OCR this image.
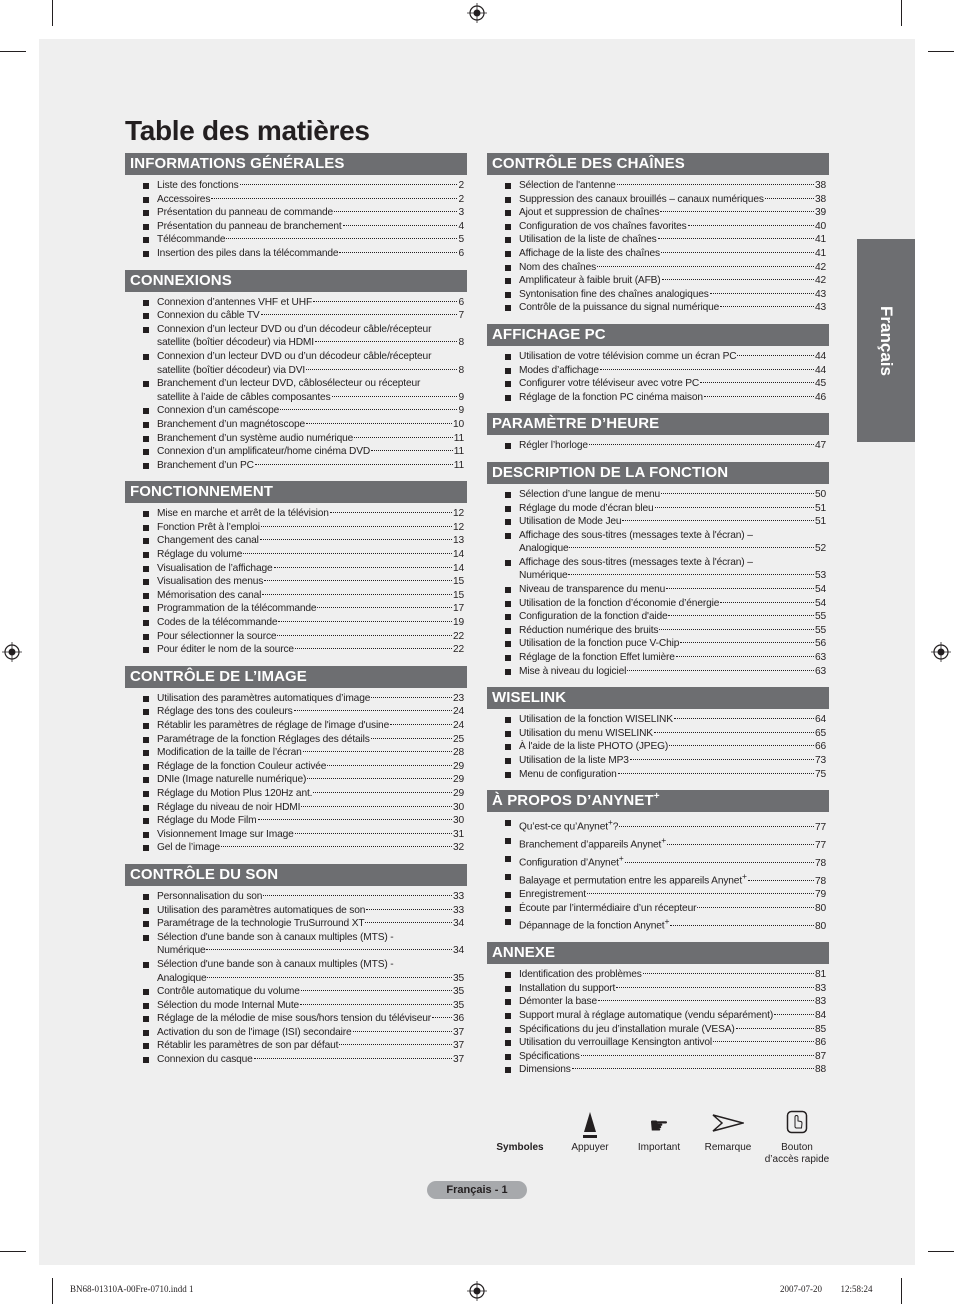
Table des matières
INFORMATIONS GÉNÉRALES
Liste des fonctions	2
Accessoires	2
Présentation du panneau de commande	3
Présentation du panneau de branchement	4
Télécommande	5
Insertion des piles dans la télécommande	6
CONNEXIONS
Connexion d’antennes VHF et UHF	6
Connexion du câble TV	7
Connexion d’un lecteur DVD ou d’un décodeur câble/récepteur
satellite (boîtier décodeur) via HDMI	8
Connexion d’un lecteur DVD ou d’un décodeur câble/récepteur
satellite (boîtier décodeur) via DVI	8
Branchement d’un lecteur DVD, câblosélecteur ou récepteur
satellite à l’aide de câbles composantes	9
Connexion d’un caméscope	9
Branchement d’un magnétoscope	10
Branchement d’un système audio numérique	11
Connexion d’un amplificateur/home cinéma DVD	11
Branchement d’un PC	11
FONCTIONNEMENT
Mise en marche et arrêt de la télévision	12
Fonction Prêt à l’emploi	12
Changement des canal	13
Réglage du volume	14
Visualisation de l’affichage	14
Visualisation des menus	15
Mémorisation des canal	15
Programmation de la télécommande	17
Codes de la télécommande	19
Pour sélectionner la source	22
Pour éditer le nom de la source	22
CONTRÔLE DE L’IMAGE
Utilisation des paramètres automatiques d’image	23
Réglage des tons des couleurs	24
Rétablir les paramètres de réglage de l'image d'usine	24
Paramétrage de la fonction Réglages des détails	25
Modification de la taille de l’écran	28
Réglage de la fonction Couleur activée	29
DNIe (Image naturelle numérique)	29
Réglage du Motion Plus 120Hz ant.	29
Réglage du niveau de noir HDMI	30
Réglage du Mode Film	30
Visionnement Image sur Image	31
Gel de l’image	32
CONTRÔLE DU SON
Personnalisation du son	33
Utilisation des paramètres automatiques de son	33
Paramétrage de la technologie TruSurround XT	34
Sélection d'une bande son à canaux multiples (MTS) -
Numérique	34
Sélection d'une bande son à canaux multiples (MTS) -
Analogique	35
Contrôle automatique du volume	35
Sélection du mode Internal Mute	35
Réglage de la mélodie de mise sous/hors tension du téléviseur 36
Activation du son de l'image (ISI) secondaire	37
Rétablir les paramètres de son par défaut	37
Connexion du casque	37
CONTRÔLE DES CHAÎNES
Sélection de l'antenne	38
Suppression des canaux brouillés – canaux numériques	38
Ajout et suppression de chaînes	39
Configuration de vos chaînes favorites	40
Utilisation de la liste de chaînes	41
Affichage de la liste des chaînes	41
Nom des chaînes	42
Amplificateur à faible bruit (AFB)	42
Syntonisation fine des chaînes analogiques	43
Contrôle de la puissance du signal numérique	43
AFFICHAGE PC
Utilisation de votre télévision comme un écran PC	44
Modes d’affichage	44
Configurer votre téléviseur avec votre PC	45
Réglage de la fonction PC cinéma maison	46
PARAMÈTRE D’HEURE
Régler l’horloge	47
DESCRIPTION DE LA FONCTION
Sélection d’une langue de menu	50
Réglage du mode d’écran bleu	51
Utilisation de Mode Jeu	51
Affichage des sous-titres (messages texte à l'écran) –
Analogique	52
Affichage des sous-titres (messages texte à l'écran) –
Numérique	53
Niveau de transparence du menu	54
Utilisation de la fonction d’économie d’énergie	54
Configuration de la fonction d'aide	55
Réduction numérique des bruits	55
Utilisation de la fonction puce V-Chip	56
Réglage de la fonction Effet lumière	63
Mise à niveau du logiciel	63
WISELINK
Utilisation de la fonction WISELINK	64
Utilisation du menu WISELINK	65
À l'aide de la liste PHOTO (JPEG)	66
Utilisation de la liste MP3	73
Menu de configuration	75
À PROPOS D’ANYNET+
Qu’est-ce qu’Anynet+?	77
Branchement d’appareils Anynet+	77
Configuration d’Anynet+	78
Balayage et permutation entre les appareils Anynet+	78
Enregistrement	79
Écoute par l’intermédiaire d’un récepteur	80
Dépannage de la fonction Anynet+	80
ANNEXE
Identification des problèmes	81
Installation du support	83
Démonter la base	83
Support mural à réglage automatique (vendu séparément)	84
Spécifications du jeu d’installation murale (VESA)	85
Utilisation du verrouillage Kensington antivol	86
Spécifications	87
Dimensions	88
Français
Symboles	Appuyer
☛
Important	Remarque	Bouton
d’accès rapide
Français - 1
BN68-01310A-00Fre-0710.indd 1	2007-07-20 ￿￿ 12:58:24
